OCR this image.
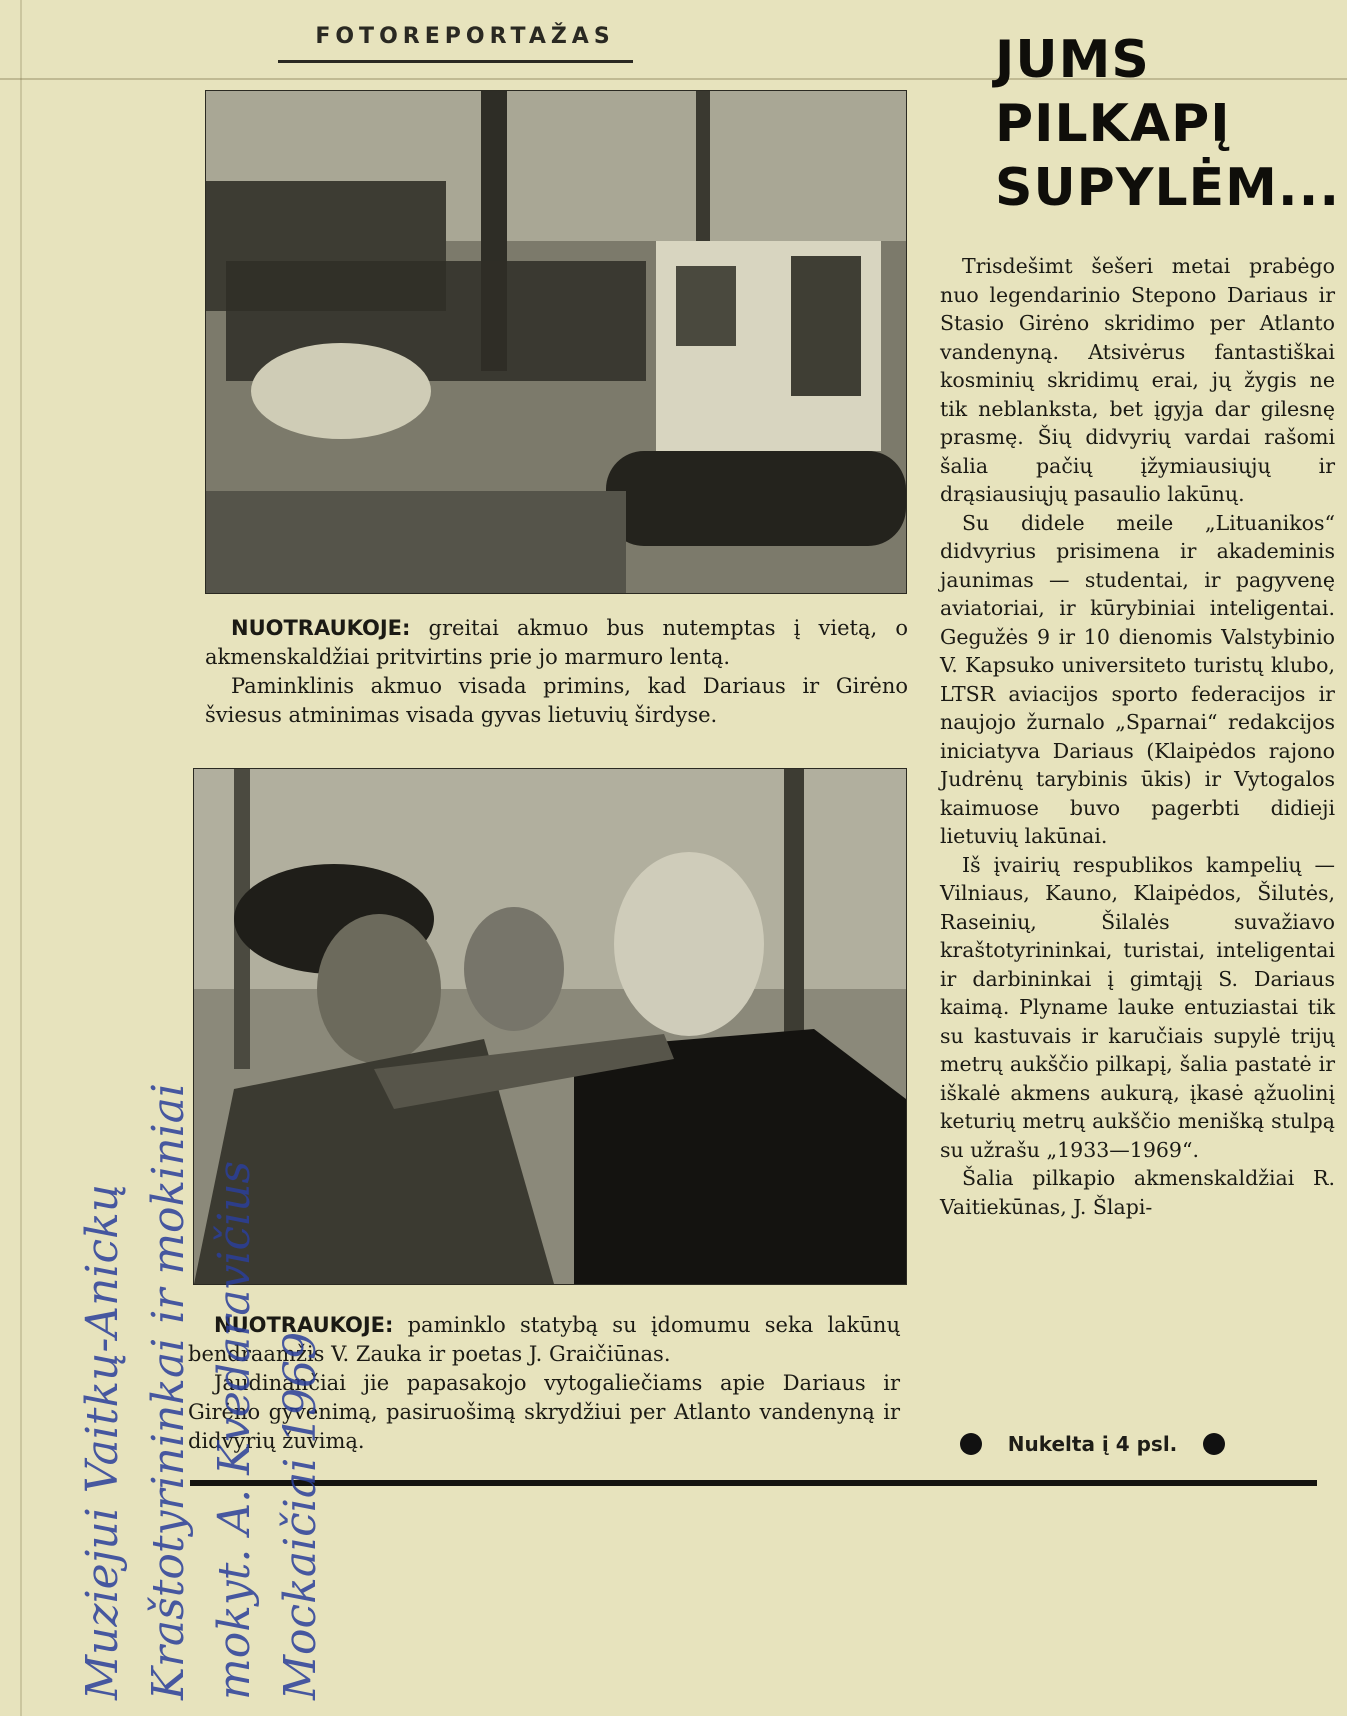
FOTOREPORTAŽAS	JUMS
PILKAPĮ
SUPYLĖM...

NUOTRAUKOJE: greitai akmuo bus nutemptas į vietą, o akmenskaldžiai pritvirtins prie jo marmuro lentą.

Paminklinis akmuo visada primins, kad Dariaus ir Girėno šviesus atminimas visada gyvas lietuvių širdyse.

NUOTRAUKOJE: paminklo statybą su įdomumu seka lakūnų bendraamžis V. Zauka ir poetas J. Graičiūnas.

Jaudinančiai jie papasakojo vytogaliečiams apie Dariaus ir Girėno gyvenimą, pasiruošimą skrydžiui per Atlanto vandenyną ir didvyrių žuvimą.

Trisdešimt šešeri metai prabėgo nuo legendarinio Stepono Dariaus ir Stasio Girėno skridimo per Atlanto vandenyną. Atsivėrus fantastiškai kosminių skridimų erai, jų žygis ne tik neblanksta, bet įgyja dar gilesnę prasmę. Šių didvyrių vardai rašomi šalia pačių įžymiausiųjų ir drąsiausiųjų pasaulio lakūnų.

Su didele meile „Lituanikos“ didvyrius prisimena ir akademinis jaunimas — studentai, ir pagyvenę aviatoriai, ir kūrybiniai inteligentai. Gegužės 9 ir 10 dienomis Valstybinio V. Kapsuko universiteto turistų klubo, LTSR aviacijos sporto federacijos ir naujojo žurnalo „Sparnai“ redakcijos iniciatyva Dariaus (Klaipėdos rajono Judrėnų tarybinis ūkis) ir Vytogalos kaimuose buvo pagerbti didieji lietuvių lakūnai.

Iš įvairių respublikos kampelių — Vilniaus, Kauno, Klaipėdos, Šilutės, Raseinių, Šilalės suvažiavo kraštotyrininkai, turistai, inteligentai ir darbininkai į gimtąjį S. Dariaus kaimą. Plyname lauke entuziastai tik su kastuvais ir karučiais supylė trijų metrų aukščio pilkapį, šalia pastatė ir iškalė akmens aukurą, įkasė ąžuolinį keturių metrų aukščio menišką stulpą su užrašu „1933—1969“.

Šalia pilkapio akmenskaldžiai R. Vaitiekūnas, J. Šlapi-

Nukelta į 4 psl.
Muziejui Vaitkų-Anickų Kraštotyrininkai ir mokiniai mokyt. A. Kvedaravičius Mockaičiai 1969
